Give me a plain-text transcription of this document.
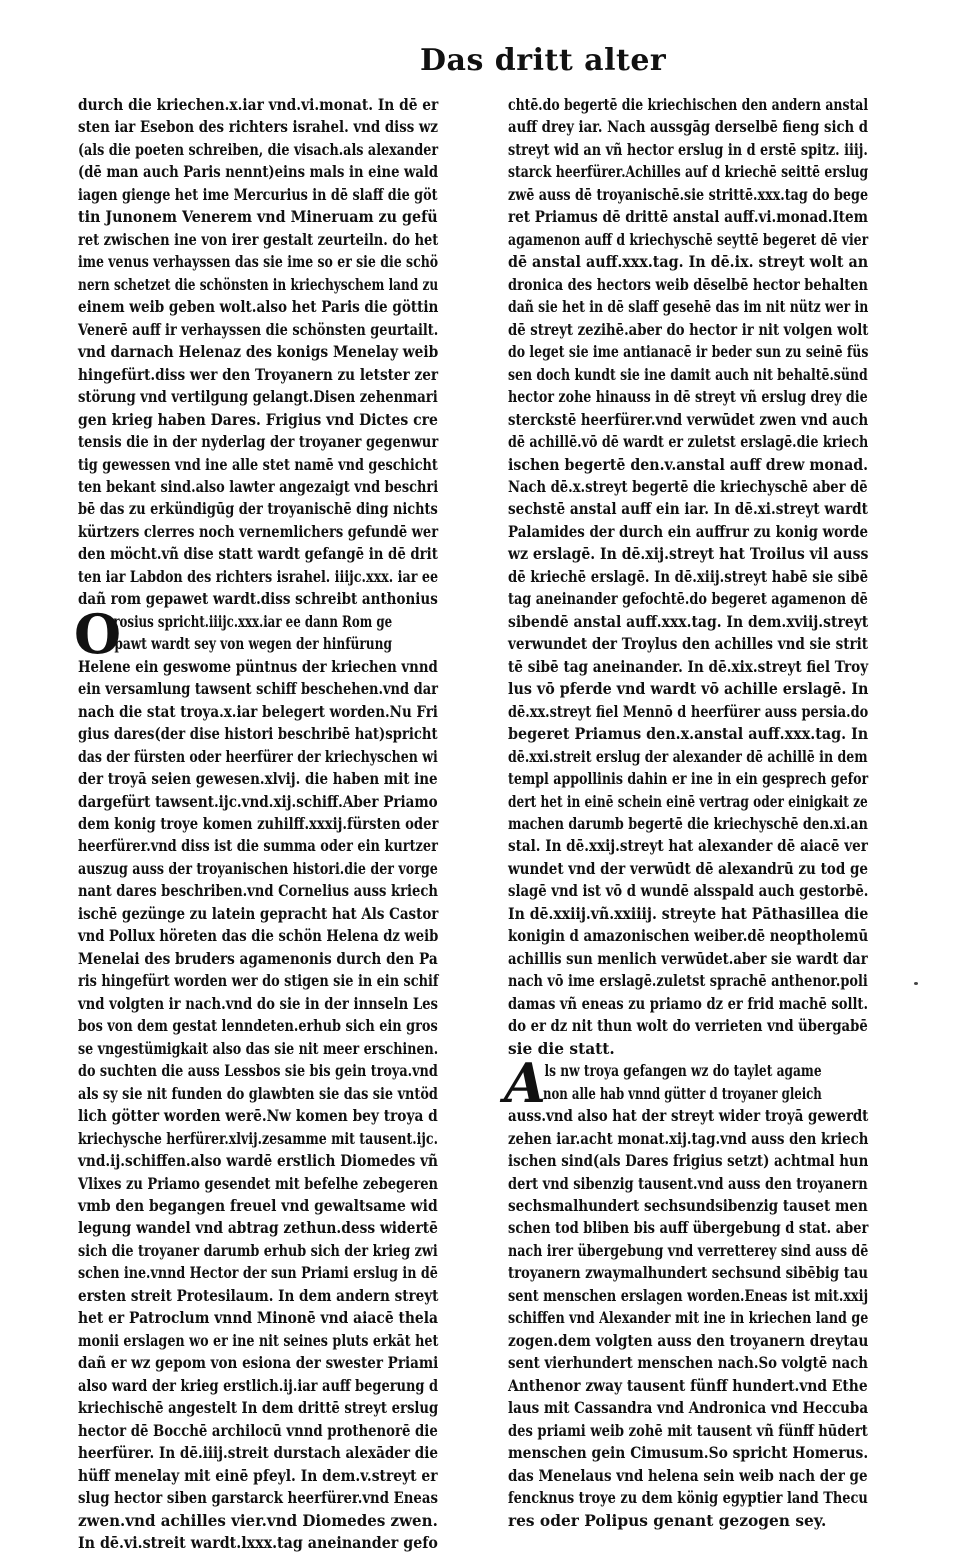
Das dritt alter
durch die kriechen.x.iar vnd.vi.monat. In dē er
sten iar Esebon des richters israhel. vnd diss wz
(als die poeten schreiben, die visach.als alexander
(dē man auch Paris nennt)eins mals in eine wald
iagen gienge het ime Mercurius in dē slaff die göt
tin Junonem Venerem vnd Mineruam zu gefü
ret zwischen ine von irer gestalt zeurteiln. do het
ime venus verhayssen das sie ime so er sie die schö
nern schetzet die schönsten in kriechyschem land zu
einem weib geben wolt.also het Paris die göttin
Venerē auff ir verhayssen die schönsten geurtailt.
vnd darnach Helenaz des konigs Menelay weib
hingefürt.diss wer den Troyanern zu letster zer
störung vnd vertilgung gelangt.Disen zehenmari
gen krieg haben Dares. Frigius vnd Dictes cre
tensis die in der nyderlag der troyaner gegenwur
tig gewessen vnd ine alle stet namē vnd geschicht
ten bekant sind.also lawter angezaigt vnd beschri
bē das zu erkündigūg der troyanischē ding nichts
kürtzers clerres noch vernemlichers gefundē wer
den möcht.vñ dise statt wardt gefangē in dē drit
ten iar Labdon des richters israhel. iiijc.xxx. iar ee
dañ rom gepawet wardt.diss schreibt anthonius
O
rosius spricht.iiijc.xxx.iar ee dann Rom ge
pawt wardt sey von wegen der hinfürung
Helene ein geswome püntnus der kriechen vnnd
ein versamlung tawsent schiff beschehen.vnd dar
nach die stat troya.x.iar belegert worden.Nu Fri
gius dares(der dise histori beschribē hat)spricht
das der fürsten oder heerfürer der kriechyschen wi
der troyā seien gewesen.xlvij. die haben mit ine
dargefürt tawsent.ijc.vnd.xij.schiff.Aber Priamo
dem konig troye komen zuhilff.xxxij.fürsten oder
heerfürer.vnd diss ist die summa oder ein kurtzer
auszug auss der troyanischen histori.die der vorge
nant dares beschriben.vnd Cornelius auss kriech
ischē gezünge zu latein gepracht hat Als Castor
vnd Pollux höreten das die schön Helena dz weib
Menelai des bruders agamenonis durch den Pa
ris hingefürt worden wer do stigen sie in ein schif
vnd volgten ir nach.vnd do sie in der innseln Les
bos von dem gestat lenndeten.erhub sich ein gros
se vngestümigkait also das sie nit meer erschinen.
do suchten die auss Lessbos sie bis gein troya.vnd
als sy sie nit funden do glawbten sie das sie vntöd
lich götter worden werē.Nw komen bey troya d
kriechysche herfürer.xlvij.zesamme mit tausent.ijc.
vnd.ij.schiffen.also wardē erstlich Diomedes vñ
Vlixes zu Priamo gesendet mit befelhe zebegeren
vmb den begangen freuel vnd gewaltsame wid
legung wandel vnd abtrag zethun.dess widertē
sich die troyaner darumb erhub sich der krieg zwi
schen ine.vnnd Hector der sun Priami erslug in dē
ersten streit Protesilaum. In dem andern streyt
het er Patroclum vnnd Minonē vnd aiacē thela
monii erslagen wo er ine nit seines pluts erkāt het
dañ er wz gepom von esiona der swester Priami
also ward der krieg erstlich.ij.iar auff begerung d
kriechischē angestelt In dem drittē streyt erslug
hector dē Bocchē archilocū vnnd prothenorē die
heerfürer. In dē.iiij.streit durstach alexāder die
hüff menelay mit einē pfeyl. In dem.v.streyt er
slug hector siben garstarck heerfürer.vnd Eneas
zwen.vnd achilles vier.vnd Diomedes zwen.
In dē.vi.streit wardt.lxxx.tag aneinander gefo
chtē.do begertē die kriechischen den andern anstal
auff drey iar. Nach aussgāg derselbē fieng sich d
streyt wid an vñ hector erslug in d erstē spitz. iiij.
starck heerfürer.Achilles auf d kriechē seittē erslug
zwē auss dē troyanischē.sie strittē.xxx.tag do bege
ret Priamus dē drittē anstal auff.vi.monad.Item
agamenon auff d kriechyschē seyttē begeret dē vier
dē anstal auff.xxx.tag. In dē.ix. streyt wolt an
dronica des hectors weib dēselbē hector behalten
dañ sie het in dē slaff gesehē das im nit nütz wer in
dē streyt zezihē.aber do hector ir nit volgen wolt
do leget sie ime antianacē ir beder sun zu seinē füs
sen doch kundt sie ine damit auch nit behaltē.sünd
hector zohe hinauss in dē streyt vñ erslug drey die
sterckstē heerfürer.vnd verwūdet zwen vnd auch
dē achillē.vō dē wardt er zuletst erslagē.die kriech
ischen begertē den.v.anstal auff drew monad.
Nach dē.x.streyt begertē die kriechyschē aber dē
sechstē anstal auff ein iar. In dē.xi.streyt wardt
Palamides der durch ein auffrur zu konig worde
wz erslagē. In dē.xij.streyt hat Troilus vil auss
dē kriechē erslagē. In dē.xiij.streyt habē sie sibē
tag aneinander gefochtē.do begeret agamenon dē
sibendē anstal auff.xxx.tag. In dem.xviij.streyt
verwundet der Troylus den achilles vnd sie strit
tē sibē tag aneinander. In dē.xix.streyt fiel Troy
lus vō pferde vnd wardt vō achille erslagē. In
dē.xx.streyt fiel Mennō d heerfürer auss persia.do
begeret Priamus den.x.anstal auff.xxx.tag. In
dē.xxi.streit erslug der alexander dē achillē in dem
templ appollinis dahin er ine in ein gesprech gefor
dert het in einē schein einē vertrag oder einigkait ze
machen darumb begertē die kriechyschē den.xi.an
stal. In dē.xxij.streyt hat alexander dē aiacē ver
wundet vnd der verwūdt dē alexandrū zu tod ge
slagē vnd ist vō d wundē alsspald auch gestorbē.
In dē.xxiij.vñ.xxiiij. streyte hat Pāthasillea die
konigin d amazonischen weiber.dē neoptholemū
achillis sun menlich verwūdet.aber sie wardt dar
nach vō ime erslagē.zuletst sprachē anthenor.poli
damas vñ eneas zu priamo dz er frid machē sollt.
do er dz nit thun wolt do verrieten vnd übergabē
sie die statt.
A
ls nw troya gefangen wz do taylet agame
non alle hab vnnd gütter d troyaner gleich
auss.vnd also hat der streyt wider troyā gewerdt
zehen iar.acht monat.xij.tag.vnd auss den kriech
ischen sind(als Dares frigius setzt) achtmal hun
dert vnd sibenzig tausent.vnd auss den troyanern
sechsmalhundert sechsundsibenzig tauset men
schen tod bliben bis auff übergebung d stat. aber
nach irer übergebung vnd verretterey sind auss dē
troyanern zwaymalhundert sechsund sibēbig tau
sent menschen erslagen worden.Eneas ist mit.xxij
schiffen vnd Alexander mit ine in kriechen land ge
zogen.dem volgten auss den troyanern dreytau
sent vierhundert menschen nach.So volgtē nach
Anthenor zway tausent fünff hundert.vnd Ethe
laus mit Cassandra vnd Andronica vnd Heccuba
des priami weib zohē mit tausent vñ fünff hūdert
menschen gein Cimusum.So spricht Homerus.
das Menelaus vnd helena sein weib nach der ge
fencknus troye zu dem könig egyptier land Thecu
res oder Polipus genant gezogen sey.
